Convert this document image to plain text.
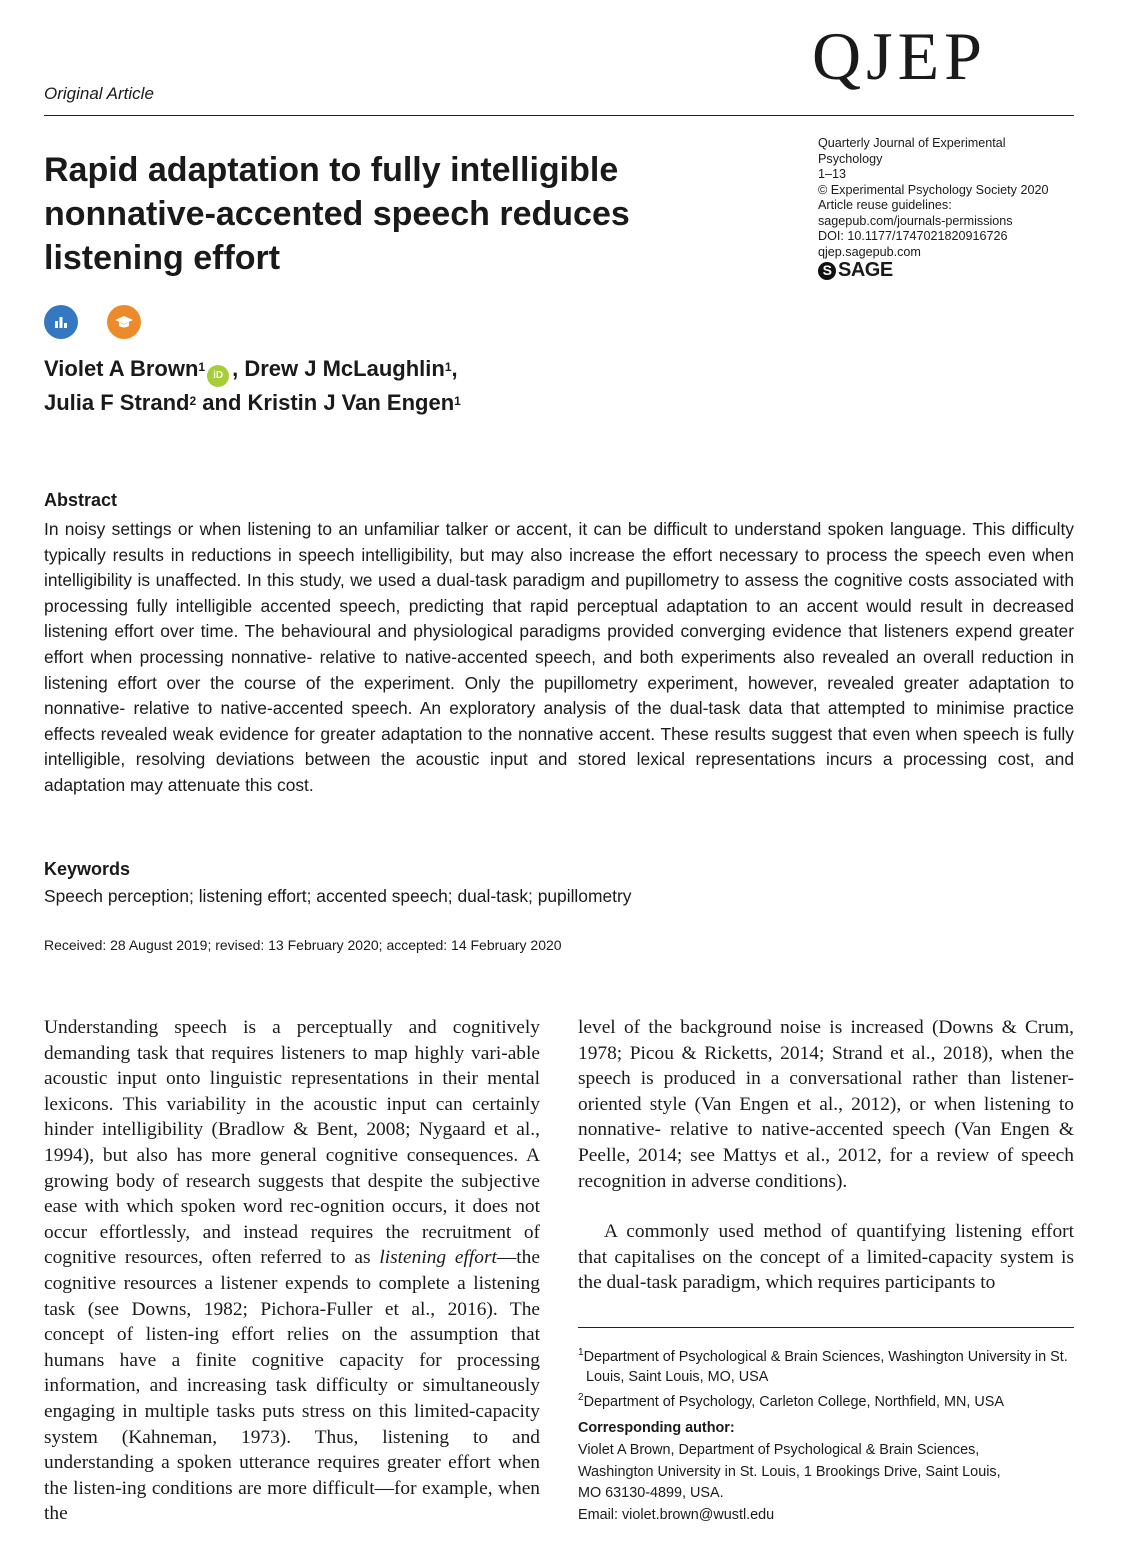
Original Article	QJEP
Quarterly Journal of Experimental
Psychology
1–13
© Experimental Psychology Society 2020
Article reuse guidelines:
sagepub.com/journals-permissions
DOI: 10.1177/1747021820916726
qjep.sagepub.com
S SAGE
Rapid adaptation to fully intelligible nonnative-accented speech reduces listening effort
Violet A Brown$^1$iD , Drew J McLaughlin$^1$,
Julia F Strand$^2$ and Kristin J Van Engen$^1$
Abstract

In noisy settings or when listening to an unfamiliar talker or accent, it can be difficult to understand spoken language. This difficulty typically results in reductions in speech intelligibility, but may also increase the effort necessary to process the speech even when intelligibility is unaffected. In this study, we used a dual-task paradigm and pupillometry to assess the cognitive costs associated with processing fully intelligible accented speech, predicting that rapid perceptual adaptation to an accent would result in decreased listening effort over time. The behavioural and physiological paradigms provided converging evidence that listeners expend greater effort when processing nonnative- relative to native-accented speech, and both experiments also revealed an overall reduction in listening effort over the course of the experiment. Only the pupillometry experiment, however, revealed greater adaptation to nonnative- relative to native-accented speech. An exploratory analysis of the dual-task data that attempted to minimise practice effects revealed weak evidence for greater adaptation to the nonnative accent. These results suggest that even when speech is fully intelligible, resolving deviations between the acoustic input and stored lexical representations incurs a processing cost, and adaptation may attenuate this cost.

Keywords
Speech perception; listening effort; accented speech; dual-task; pupillometry
Received: 28 August 2019; revised: 13 February 2020; accepted: 14 February 2020

Understanding speech is a perceptually and cognitively demanding task that requires listeners to map highly vari-able acoustic input onto linguistic representations in their mental lexicons. This variability in the acoustic input can certainly hinder intelligibility (Bradlow & Bent, 2008; Nygaard et al., 1994), but also has more general cognitive consequences. A growing body of research suggests that despite the subjective ease with which spoken word rec-ognition occurs, it does not occur effortlessly, and instead requires the recruitment of cognitive resources, often referred to as listening effort—the cognitive resources a listener expends to complete a listening task (see Downs, 1982; Pichora-Fuller et al., 2016). The concept of listen-ing effort relies on the assumption that humans have a finite cognitive capacity for processing information, and increasing task difficulty or simultaneously engaging in multiple tasks puts stress on this limited-capacity system (Kahneman, 1973). Thus, listening to and understanding a spoken utterance requires greater effort when the listen-ing conditions are more difficult—for example, when the

level of the background noise is increased (Downs & Crum, 1978; Picou & Ricketts, 2014; Strand et al., 2018), when the speech is produced in a conversational rather than listener-oriented style (Van Engen et al., 2012), or when listening to nonnative- relative to native-accented speech (Van Engen & Peelle, 2014; see Mattys et al., 2012, for a review of speech recognition in adverse conditions).

A commonly used method of quantifying listening effort that capitalises on the concept of a limited-capacity system is the dual-task paradigm, which requires participants to

$^1$Department of Psychological & Brain Sciences, Washington University in St. Louis, Saint Louis, MO, USA
$^2$Department of Psychology, Carleton College, Northfield, MN, USA
Corresponding author:
Violet A Brown, Department of Psychological & Brain Sciences,
Washington University in St. Louis, 1 Brookings Drive, Saint Louis,
MO 63130-4899, USA.
Email: violet.brown@wustl.edu
